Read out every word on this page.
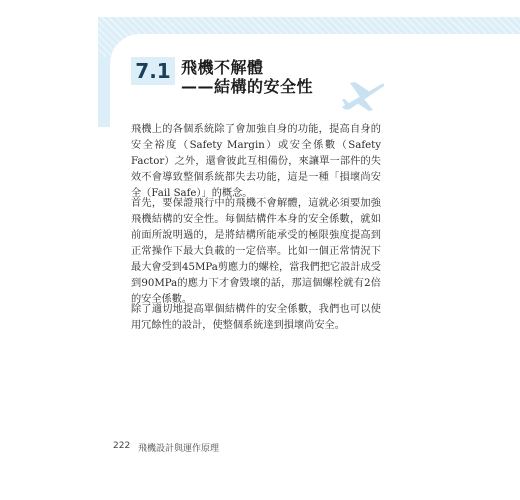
7.1 飛機不解體
——結構的安全性

飛機上的各個系統除了會加強自身的功能，提高自身的安全裕度（Safety Margin）或安全係數（Safety Factor）之外，還會彼此互相備份，來讓單一部件的失效不會導致整個系統都失去功能，這是一種「損壞尚安全（Fail Safe）」的概念。

首先，要保證飛行中的飛機不會解體，這就必須要加強飛機結構的安全性。每個結構件本身的安全係數，就如前面所說明過的，是將結構所能承受的極限強度提高到正常操作下最大負載的一定倍率。比如一個正常情況下最大會受到45MPa剪應力的螺栓，當我們把它設計成受到90MPa的應力下才會毀壞的話，那這個螺栓就有2倍的安全係數。

除了適切地提高單個結構件的安全係數，我們也可以使用冗餘性的設計，使整個系統達到損壞尚安全。

222 飛機設計與運作原理
